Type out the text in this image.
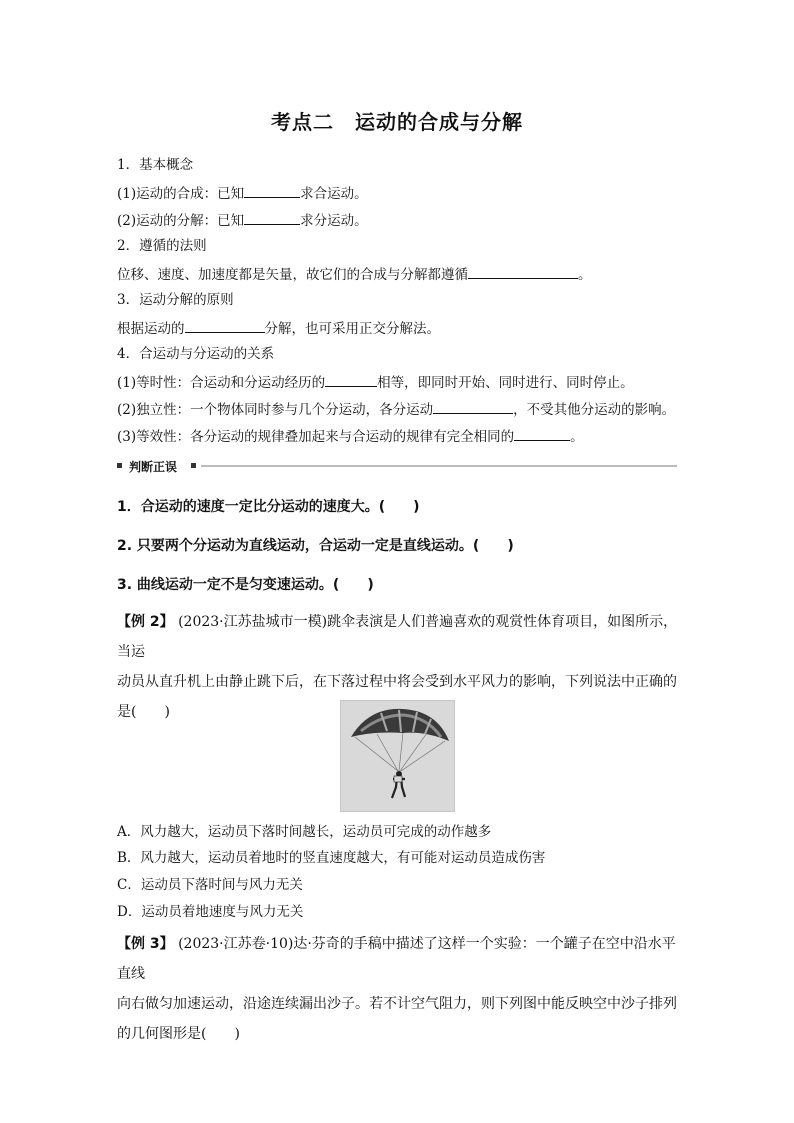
考点二　运动的合成与分解
1．基本概念
(1)运动的合成：已知	求合运动。
(2)运动的分解：已知	求分运动。
2．遵循的法则
位移、速度、加速度都是矢量，故它们的合成与分解都遵循	。
3．运动分解的原则
根据运动的	分解，也可采用正交分解法。
4．合运动与分运动的关系
(1)等时性：合运动和分运动经历的	相等，即同时开始、同时进行、同时停止。
(2)独立性：一个物体同时参与几个分运动，各分运动	，不受其他分运动的影响。
(3)等效性：各分运动的规律叠加起来与合运动的规律有完全相同的	。
判断正误
1．合运动的速度一定比分运动的速度大。(　　)
2. 只要两个分运动为直线运动，合运动一定是直线运动。(　　)
3. 曲线运动一定不是匀变速运动。(　　)
【例 2】 (2023·江苏盐城市一模)跳伞表演是人们普遍喜欢的观赏性体育项目，如图所示，当运
动员从直升机上由静止跳下后，在下落过程中将会受到水平风力的影响，下列说法中正确的
是(　　)
A．风力越大，运动员下落时间越长，运动员可完成的动作越多
B．风力越大，运动员着地时的竖直速度越大，有可能对运动员造成伤害
C．运动员下落时间与风力无关
D．运动员着地速度与风力无关
【例 3】 (2023·江苏卷·10)达·芬奇的手稿中描述了这样一个实验：一个罐子在空中沿水平直线
向右做匀加速运动，沿途连续漏出沙子。若不计空气阻力，则下列图中能反映空中沙子排列
的几何图形是(　　)
